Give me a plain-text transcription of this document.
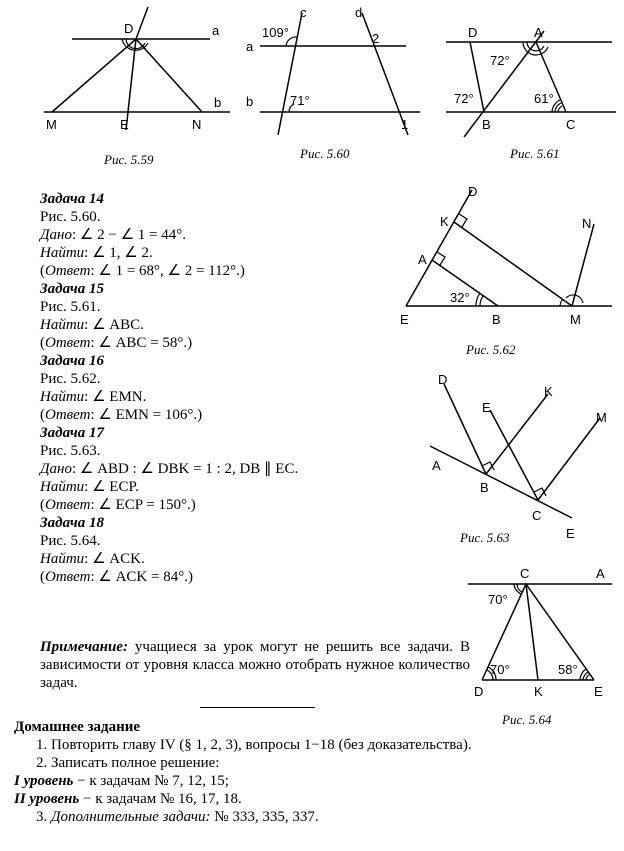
D	a
b
M	E	N
Рис. 5.59
c	d
a
b
109°
71°
2
1
Рис. 5.60
D	A
B	C
72°
72°	61°
Рис. 5.61
D
K
A
N
32°
E	B	M
Рис. 5.62
D
E
K
M
A
B
C
E
Рис. 5.63
C	A
70°
70°	58°
D	K	E
Рис. 5.64
Задача 14
Рис. 5.60.
Дано: ∠ 2 − ∠ 1 = 44°.
Найти: ∠ 1, ∠ 2.
(Ответ: ∠ 1 = 68°, ∠ 2 = 112°.)
Задача 15
Рис. 5.61.
Найти: ∠ ABC.
(Ответ: ∠ ABC = 58°.)
Задача 16
Рис. 5.62.
Найти: ∠ EMN.
(Ответ: ∠ EMN = 106°.)
Задача 17
Рис. 5.63.
Дано: ∠ ABD : ∠ DBK = 1 : 2, DB ∥ EC.
Найти: ∠ ECP.
(Ответ: ∠ ECP = 150°.)
Задача 18
Рис. 5.64.
Найти: ∠ ACK.
(Ответ: ∠ ACK = 84°.)
Примечание: учащиеся за урок могут не решить все задачи. В зависимости от уровня класса можно отобрать нужное количество задач.
Домашнее задание
1. Повторить главу IV (§ 1, 2, 3), вопросы 1−18 (без доказательства).
2. Записать полное решение:
I уровень − к задачам № 7, 12, 15;
II уровень − к задачам № 16, 17, 18.
3. Дополнительные задачи: № 333, 335, 337.
